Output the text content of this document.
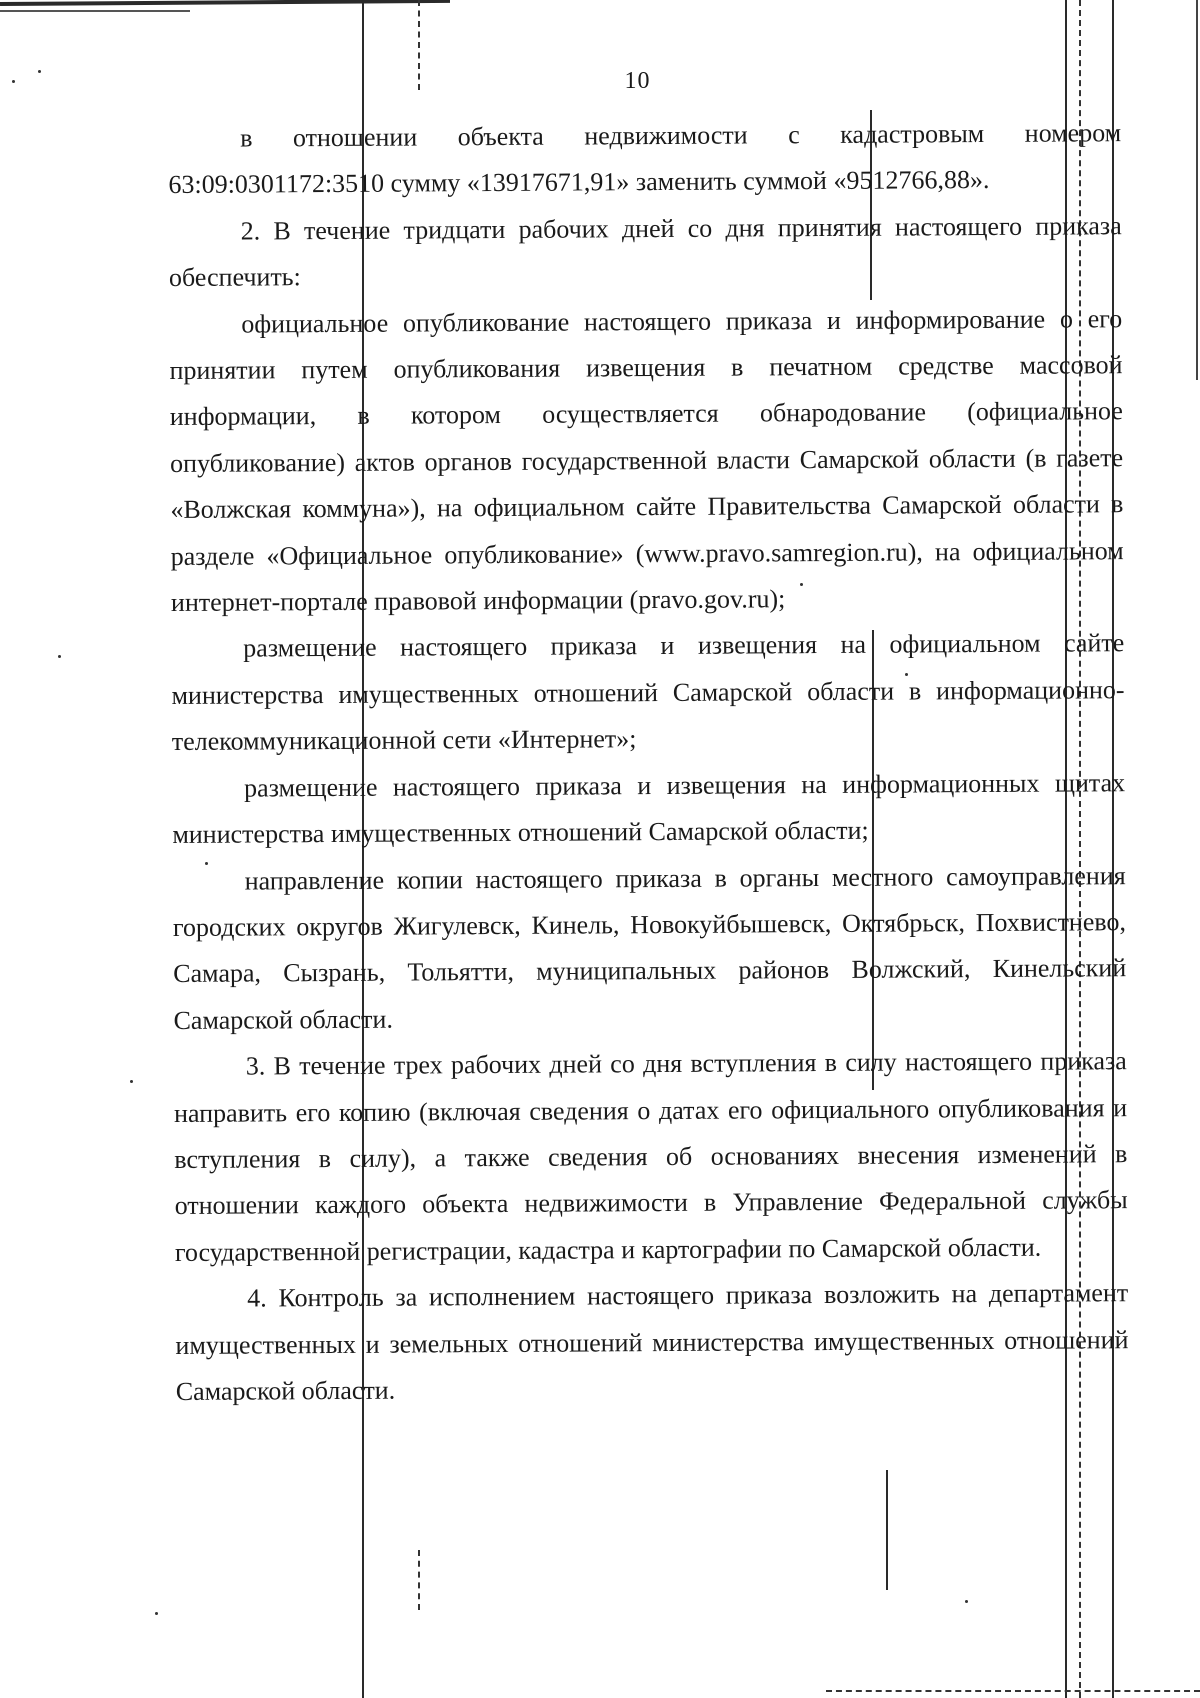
10

в отношении объекта недвижимости с кадастровым номером 63:09:0301172:3510 сумму «13917671,91» заменить суммой «9512766,88».

2. В течение тридцати рабочих дней со дня принятия настоящего приказа обеспечить:

официальное опубликование настоящего приказа и информирование о его принятии путем опубликования извещения в печатном средстве массовой информации, в котором осуществляется обнародование (официальное опубликование) актов органов государственной власти Самарской области (в газете «Волжская коммуна»), на официальном сайте Правительства Самарской области в разделе «Официальное опубликование» (www.pravo.samregion.ru), на официальном интернет-портале правовой информации (pravo.gov.ru);

размещение настоящего приказа и извещения на официальном сайте министерства имущественных отношений Самарской области в информационно-телекоммуникационной сети «Интернет»;

размещение настоящего приказа и извещения на информационных щитах министерства имущественных отношений Самарской области;

направление копии настоящего приказа в органы местного самоуправления городских округов Жигулевск, Кинель, Новокуйбышевск, Октябрьск, Похвистнево, Самара, Сызрань, Тольятти, муниципальных районов Волжский, Кинельский Самарской области.

3. В течение трех рабочих дней со дня вступления в силу настоящего приказа направить его копию (включая сведения о датах его официального опубликования и вступления в силу), а также сведения об основаниях внесения изменений в отношении каждого объекта недвижимости в Управление Федеральной службы государственной регистрации, кадастра и картографии по Самарской области.

4. Контроль за исполнением настоящего приказа возложить на департамент имущественных и земельных отношений министерства имущественных отношений Самарской области.
